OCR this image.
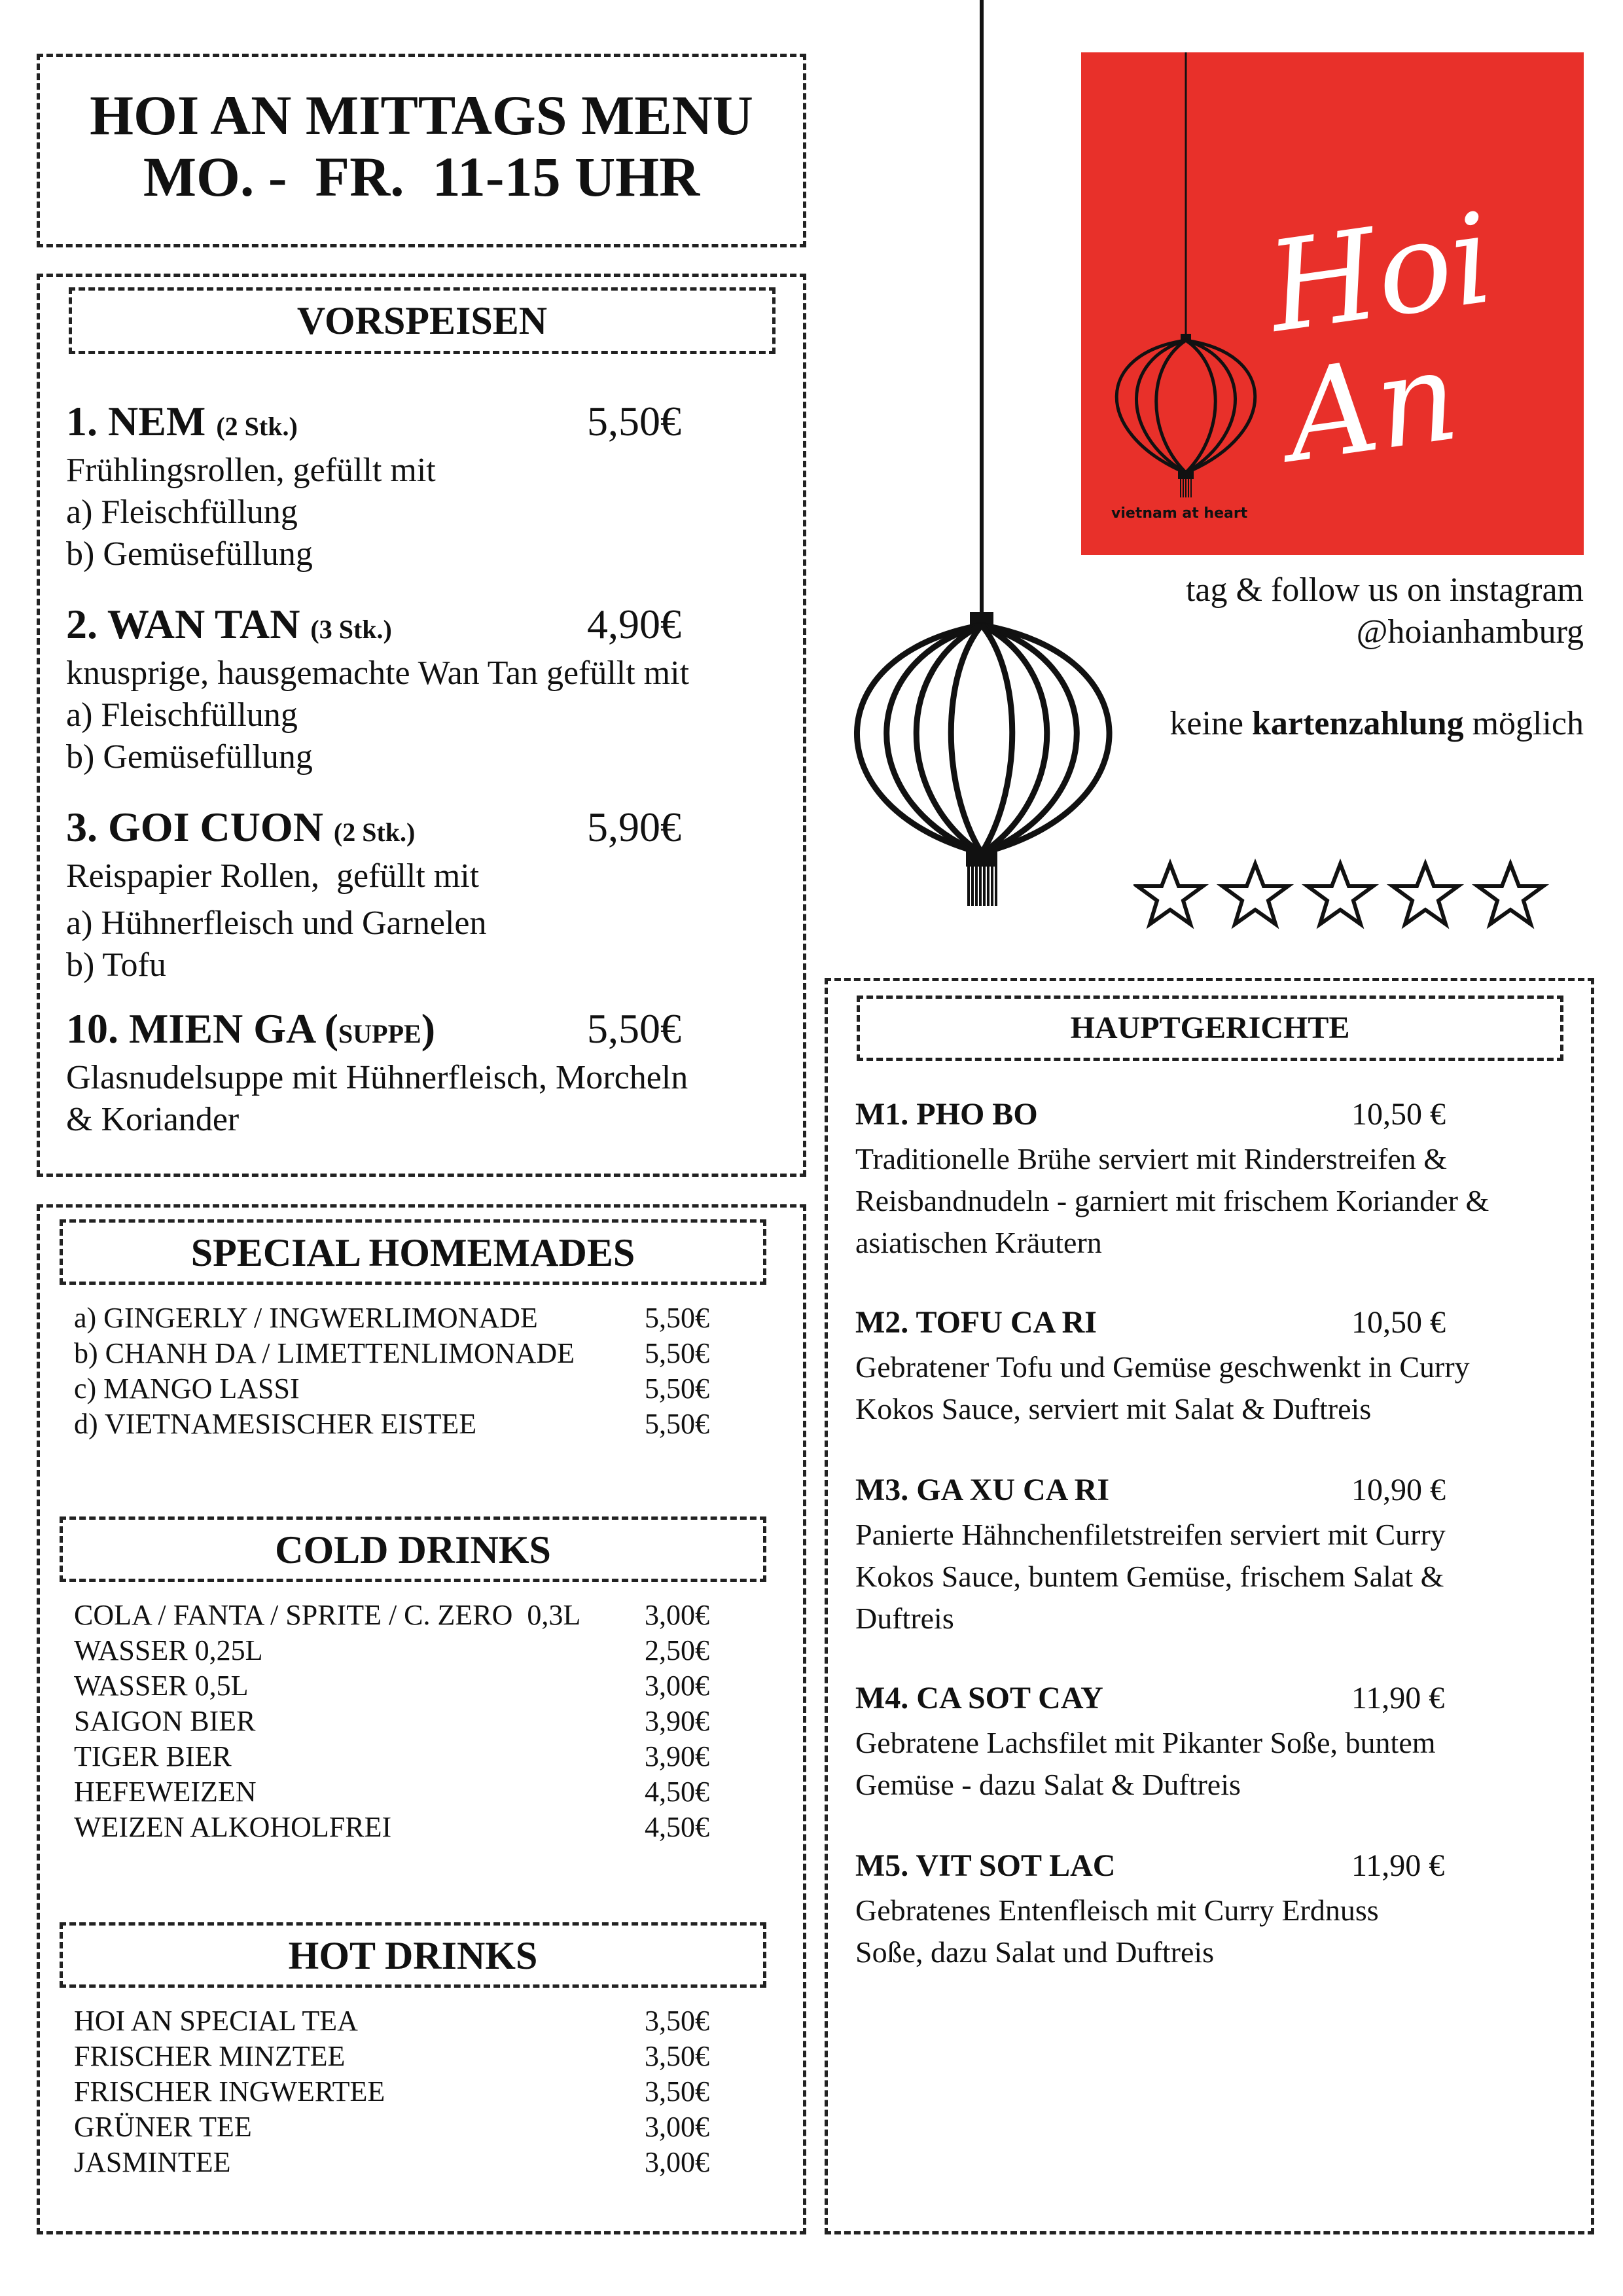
HOI AN MITTAGS MENU
MO. -  FR.  11-15 UHR
VORSPEISEN
1. NEM (2 Stk.)	5,50€
Frühlingsrollen, gefüllt mit
a) Fleischfüllung
b) Gemüsefüllung
2. WAN TAN (3 Stk.)	4,90€
knusprige, hausgemachte Wan Tan gefüllt mit
a) Fleischfüllung
b) Gemüsefüllung
3. GOI CUON (2 Stk.)	5,90€
Reispapier Rollen,  gefüllt mit
a) Hühnerfleisch und Garnelen
b) Tofu
10. MIEN GA (SUPPE)	5,50€
Glasnudelsuppe mit Hühnerfleisch, Morcheln
& Koriander
SPECIAL HOMEMADES
a) GINGERLY / INGWERLIMONADE	5,50€
b) CHANH DA / LIMETTENLIMONADE 5,50€
c) MANGO LASSI	5,50€
d) VIETNAMESISCHER EISTEE	5,50€
COLD DRINKS
COLA / FANTA / SPRITE / C. ZERO  0,3L 3,00€
WASSER 0,25L	2,50€
WASSER 0,5L	3,00€
SAIGON BIER	3,90€
TIGER BIER	3,90€
HEFEWEIZEN	4,50€
WEIZEN ALKOHOLFREI	4,50€
HOT DRINKS
HOI AN SPECIAL TEA	3,50€
FRISCHER MINZTEE	3,50€
FRISCHER INGWERTEE	3,50€
GRÜNER TEE	3,00€
JASMINTEE	3,00€
Hoi An
vietnam at heart
tag & follow us on instagram
@hoianhamburg
keine kartenzahlung möglich
HAUPTGERICHTE
M1. PHO BO	10,50 €
Traditionelle Brühe serviert mit Rinderstreifen &
Reisbandnudeln - garniert mit frischem Koriander &
asiatischen Kräutern
M2. TOFU CA RI	10,50 €
Gebratener Tofu und Gemüse geschwenkt in Curry
Kokos Sauce, serviert mit Salat & Duftreis
M3. GA XU CA RI	10,90 €
Panierte Hähnchenfiletstreifen serviert mit Curry
Kokos Sauce, buntem Gemüse, frischem Salat &
Duftreis
M4. CA SOT CAY	11,90 €
Gebratene Lachsfilet mit Pikanter Soße, buntem
Gemüse - dazu Salat & Duftreis
M5. VIT SOT LAC	11,90 €
Gebratenes Entenfleisch mit Curry Erdnuss
Soße, dazu Salat und Duftreis
